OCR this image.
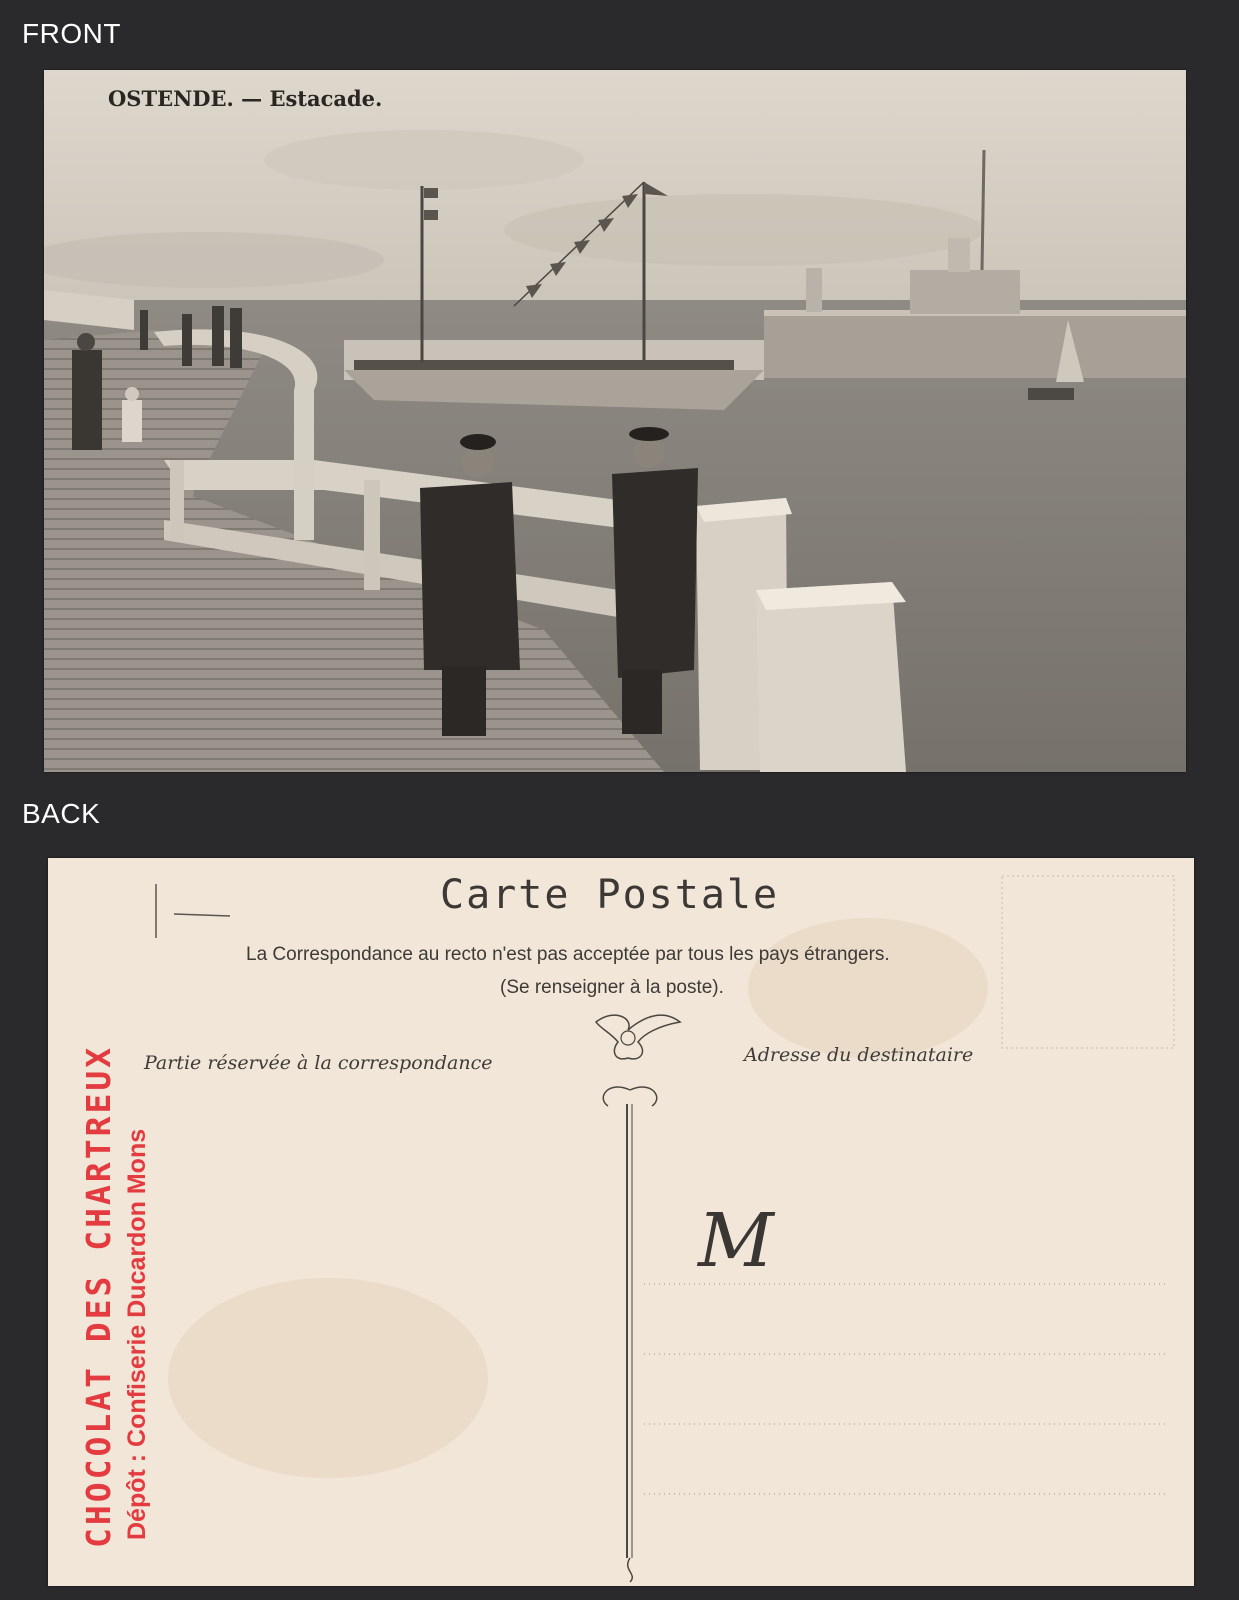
FRONT
OSTENDE. — Estacade.
BACK
Carte Postale
La Correspondance au recto n'est pas acceptée par tous les pays étrangers.
(Se renseigner à la poste).
Partie réservée à la correspondance	Adresse du destinataire
M
CHOCOLAT DES CHARTREUX Dépôt : Confiserie Ducardon Mons
